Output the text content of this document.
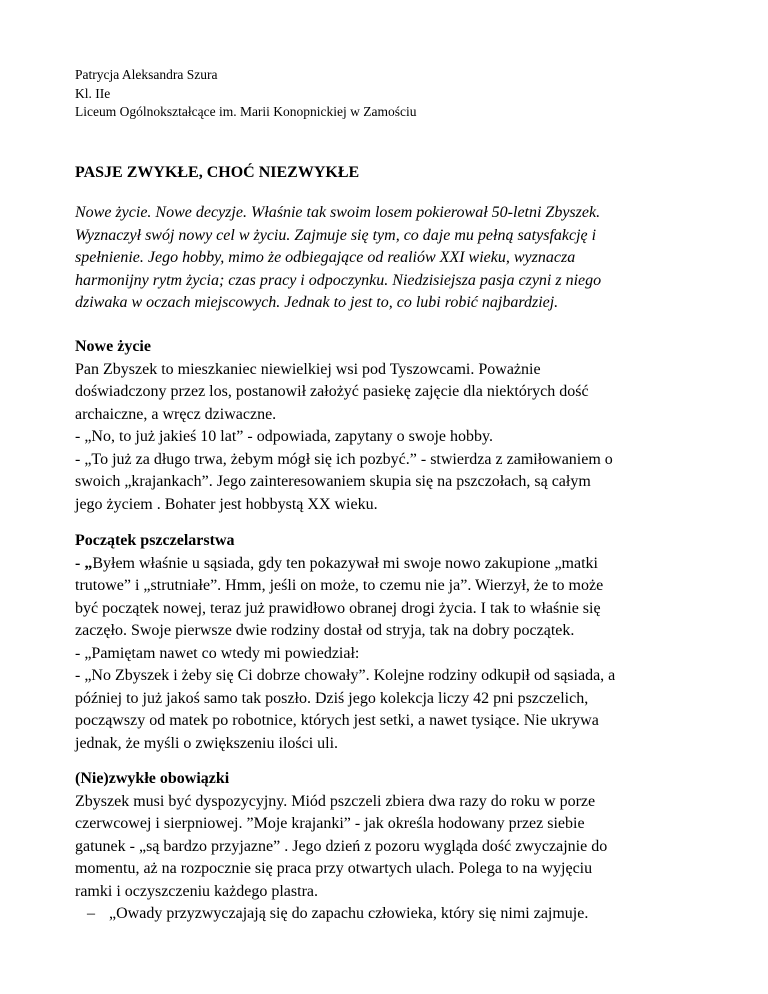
Patrycja Aleksandra Szura
Kl. IIe
Liceum Ogólnokształcące im. Marii Konopnickiej w Zamościu
PASJE ZWYKŁE, CHOĆ NIEZWYKŁE
Nowe życie. Nowe decyzje. Właśnie tak swoim losem pokierował 50-letni Zbyszek.
Wyznaczył swój nowy cel w życiu. Zajmuje się tym, co daje mu pełną satysfakcję i
spełnienie. Jego hobby, mimo że odbiegające od realiów XXI wieku, wyznacza
harmonijny rytm życia; czas pracy i odpoczynku. Niedzisiejsza pasja czyni z niego
dziwaka w oczach miejscowych. Jednak to jest to, co lubi robić najbardziej.
Nowe życie
Pan Zbyszek to mieszkaniec niewielkiej wsi pod Tyszowcami. Poważnie
doświadczony przez los, postanowił założyć pasiekę zajęcie dla niektórych dość
archaiczne, a wręcz dziwaczne.
- „No, to już jakieś 10 lat” - odpowiada, zapytany o swoje hobby.
- „To już za długo trwa, żebym mógł się ich pozbyć.” - stwierdza z zamiłowaniem o
swoich „krajankach”. Jego zainteresowaniem skupia się na pszczołach, są całym
jego życiem . Bohater jest hobbystą XX wieku.
Początek pszczelarstwa
- „Byłem właśnie u sąsiada, gdy ten pokazywał mi swoje nowo zakupione „matki
trutowe” i „strutniałe”. Hmm, jeśli on może, to czemu nie ja”. Wierzył, że to może
być początek nowej, teraz już prawidłowo obranej drogi życia. I tak to właśnie się
zaczęło. Swoje pierwsze dwie rodziny dostał od stryja, tak na dobry początek.
- „Pamiętam nawet co wtedy mi powiedział:
- „No Zbyszek i żeby się Ci dobrze chowały”. Kolejne rodziny odkupił od sąsiada, a
później to już jakoś samo tak poszło. Dziś jego kolekcja liczy 42 pni pszczelich,
począwszy od matek po robotnice, których jest setki, a nawet tysiące. Nie ukrywa
jednak, że myśli o zwiększeniu ilości uli.
(Nie)zwykłe obowiązki
Zbyszek musi być dyspozycyjny. Miód pszczeli zbiera dwa razy do roku w porze
czerwcowej i sierpniowej. ”Moje krajanki” - jak określa hodowany przez siebie
gatunek - „są bardzo przyjazne” . Jego dzień z pozoru wygląda dość zwyczajnie do
momentu, aż na rozpocznie się praca przy otwartych ulach. Polega to na wyjęciu
ramki i oczyszczeniu każdego plastra.
– „Owady przyzwyczajają się do zapachu człowieka, który się nimi zajmuje.
